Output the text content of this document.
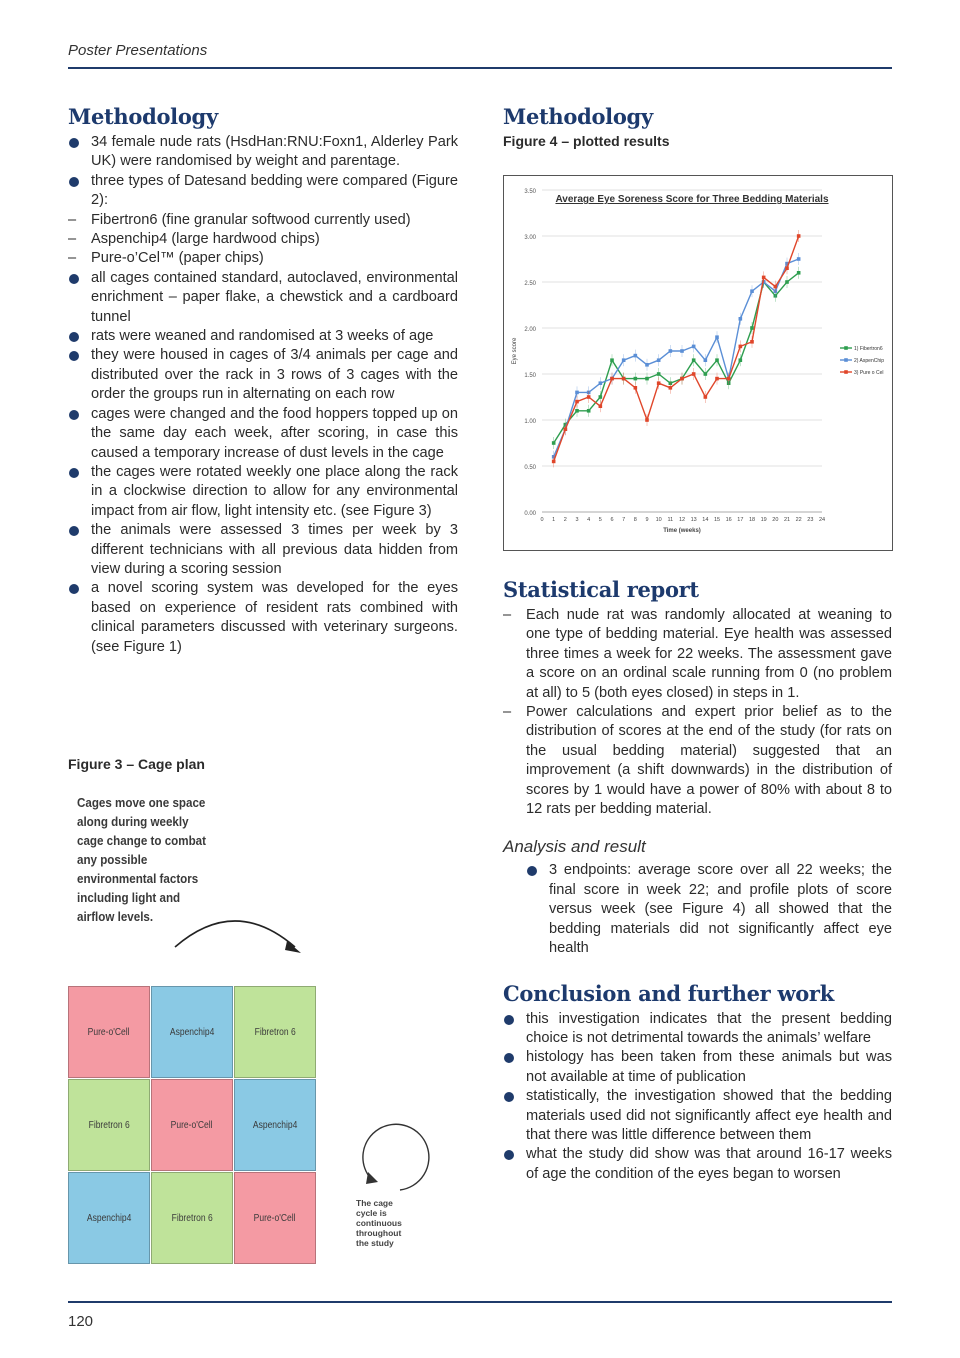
Poster Presentations
Methodology
34 female nude rats (HsdHan:RNU:Foxn1, Alderley Park UK) were randomised by weight and parentage.
three types of Datesand bedding were compared (Figure 2):
– Fibertron6 (fine granular softwood currently used)
– Aspenchip4 (large hardwood chips)
– Pure-o’Cel™ (paper chips)
all cages contained standard, autoclaved, environmental enrichment – paper flake, a chewstick and a cardboard tunnel
rats were weaned and randomised at 3 weeks of age
they were housed in cages of 3/4 animals per cage and distributed over the rack in 3 rows of 3 cages with the order the groups run in alternating on each row
cages were changed and the food hoppers topped up on the same day each week, after scoring, in case this caused a temporary increase of dust levels in the cage
the cages were rotated weekly one place along the rack in a clockwise direction to allow for any environmental impact from air flow, light intensity etc. (see Figure 3)
the animals were assessed 3 times per week by 3 different technicians with all previous data hidden from view during a scoring session
a novel scoring system was developed for the eyes based on experience of resident rats combined with clinical parameters discussed with veterinary surgeons. (see Figure 1)
Figure 3 – Cage plan
Cages move one space along during weekly cage change to combat any possible environmental factors including light and airflow levels.
Pure-o'Cell	Aspenchip4	Fibretron 6
Fibretron 6	Pure-o'Cell	Aspenchip4
Aspenchip4	Fibretron 6	Pure-o'Cell
The cage cycle is continuous throughout the study
Methodology
Figure 4 – plotted results
0.00
0.50
1.00
1.50
2.00
2.50
3.00
3.50
0 1 2 3 4 5 6 7 8 9 10 11 12 13 14 15 16 17 18 19 20 21 22 23 24
Time (weeks)
Eye score
Average Eye Soreness Score for Three Bedding Materials
1) Fibertron6
2) AspenChip
3) Pure o Cel
Statistical report
– Each nude rat was randomly allocated at weaning to one type of bedding material. Eye health was assessed three times a week for 22 weeks. The assessment gave a score on an ordinal scale running from 0 (no problem at all) to 5 (both eyes closed) in steps in 1.
– Power calculations and expert prior belief as to the distribution of scores at the end of the study (for rats on the usual bedding material) suggested that an improvement (a shift downwards) in the distribution of scores by 1 would have a power of 80% with about 8 to 12 rats per bedding material.
Analysis and result
3 endpoints: average score over all 22 weeks; the final score in week 22; and profile plots of score versus week (see Figure 4) all showed that the bedding materials did not significantly affect eye health
Conclusion and further work
this investigation indicates that the present bedding choice is not detrimental towards the animals’ welfare
histology has been taken from these animals but was not available at time of publication
statistically, the investigation showed that the bedding materials used did not significantly affect eye health and that there was little difference between them
what the study did show was that around 16-17 weeks of age the condition of the eyes began to worsen
120
